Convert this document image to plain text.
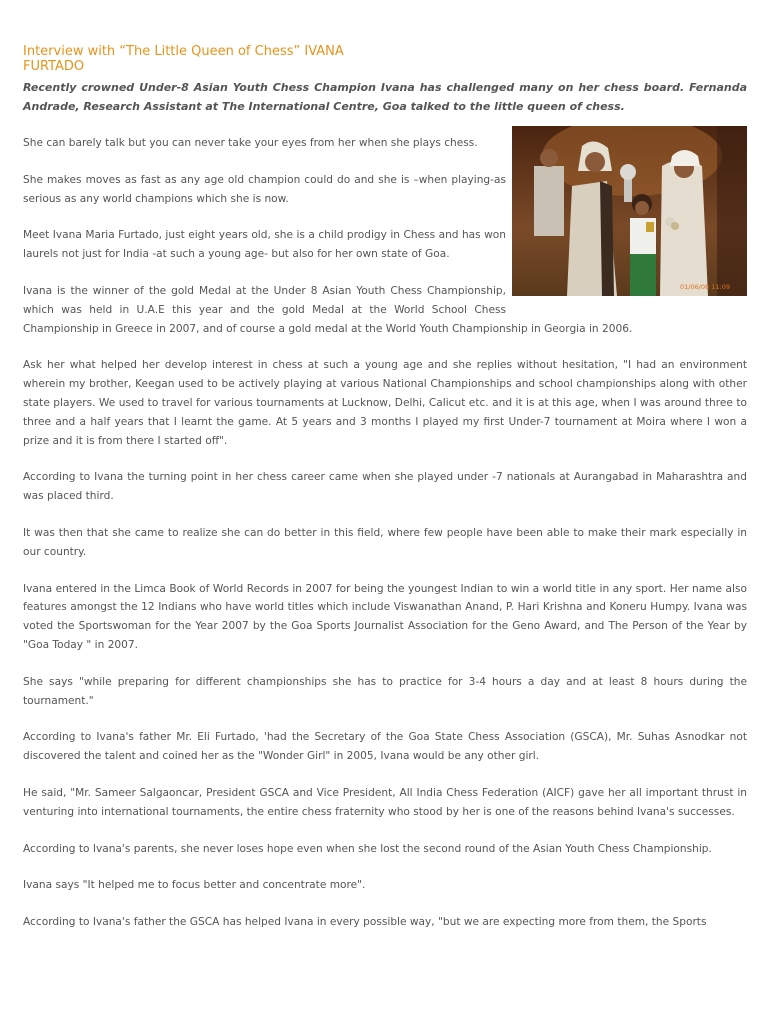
Interview with “The Little Queen of Chess” IVANA
FURTADO

Recently crowned Under-8 Asian Youth Chess Champion Ivana has challenged many on her chess board. Fernanda Andrade, Research Assistant at The International Centre, Goa talked to the little queen of chess.

01/06/08 11:09

She can barely talk but you can never take your eyes from her when she plays chess.

She makes moves as fast as any age old champion could do and she is –when playing-as serious as any world champions which she is now.

Meet Ivana Maria Furtado, just eight years old, she is a child prodigy in Chess and has won laurels not just for India -at such a young age- but also for her own state of Goa.

Ivana is the winner of the gold Medal at the Under 8 Asian Youth Chess Championship, which was held in U.A.E this year and the gold Medal at the World School Chess Championship in Greece in 2007, and of course a gold medal at the World Youth Championship in Georgia in 2006.

Ask her what helped her develop interest in chess at such a young age and she replies without hesitation, "I had an environment wherein my brother, Keegan used to be actively playing at various National Championships and school championships along with other state players. We used to travel for various tournaments at Lucknow, Delhi, Calicut etc. and it is at this age, when I was around three to three and a half years that I learnt the game. At 5 years and 3 months I played my first Under-7 tournament at Moira where I won a prize and it is from there I started off".

According to Ivana the turning point in her chess career came when she played under -7 nationals at Aurangabad in Maharashtra and was placed third.

It was then that she came to realize she can do better in this field, where few people have been able to make their mark especially in our country.

Ivana entered in the Limca Book of World Records in 2007 for being the youngest Indian to win a world title in any sport. Her name also features amongst the 12 Indians who have world titles which include Viswanathan Anand, P. Hari Krishna and Koneru Humpy. Ivana was voted the Sportswoman for the Year 2007 by the Goa Sports Journalist Association for the Geno Award, and The Person of the Year by "Goa Today " in 2007.

She says "while preparing for different championships she has to practice for 3-4 hours a day and at least 8 hours during the tournament."

According to Ivana's father Mr. Eli Furtado, 'had the Secretary of the Goa State Chess Association (GSCA), Mr. Suhas Asnodkar not discovered the talent and coined her as the "Wonder Girl" in 2005, Ivana would be any other girl.

He said, "Mr. Sameer Salgaoncar, President GSCA and Vice President, All India Chess Federation (AICF) gave her all important thrust in venturing into international tournaments, the entire chess fraternity who stood by her is one of the reasons behind Ivana's successes.

According to Ivana's parents, she never loses hope even when she lost the second round of the Asian Youth Chess Championship.

Ivana says "It helped me to focus better and concentrate more".

According to Ivana's father the GSCA has helped Ivana in every possible way, "but we are expecting more from them, the Sports
